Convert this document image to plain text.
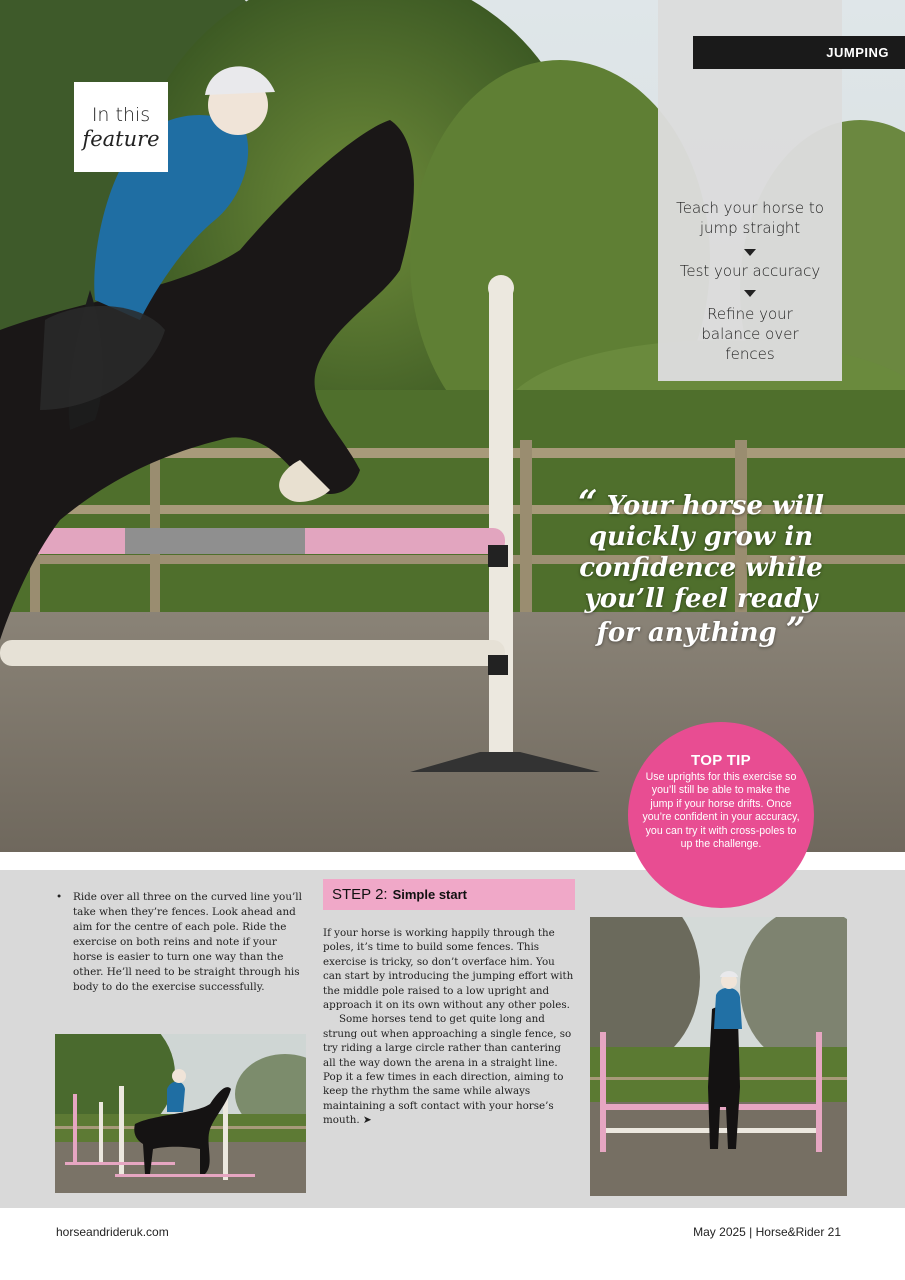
JUMPING
In this
feature
Teach your horse to jump straight
Test your accuracy
Refine your balance over fences
“ Your horse will quickly grow in confidence while you’ll feel ready for anything ”
TOP TIP
Use uprights for this exercise so you’ll still be able to make the jump if your horse drifts. Once you’re confident in your accuracy, you can try it with cross-poles to up the challenge.
•	Ride over all three on the curved line you’ll take when they’re fences. Look ahead and aim for the centre of each pole. Ride the exercise on both reins and note if your horse is easier to turn one way than the other. He’ll need to be straight through his body to do the exercise successfully.

STEP 2: Simple start

If your horse is working happily through the poles, it’s time to build some fences. This exercise is tricky, so don’t overface him. You can start by introducing the jumping effort with the middle pole raised to a low upright and approach it on its own without any other poles.

Some horses tend to get quite long and strung out when approaching a single fence, so try riding a large circle rather than cantering all the way down the arena in a straight line. Pop it a few times in each direction, aiming to keep the rhythm the same while always maintaining a soft contact with your horse’s mouth. ➤

horseandrideruk.com	May 2025 | Horse&Rider 21
